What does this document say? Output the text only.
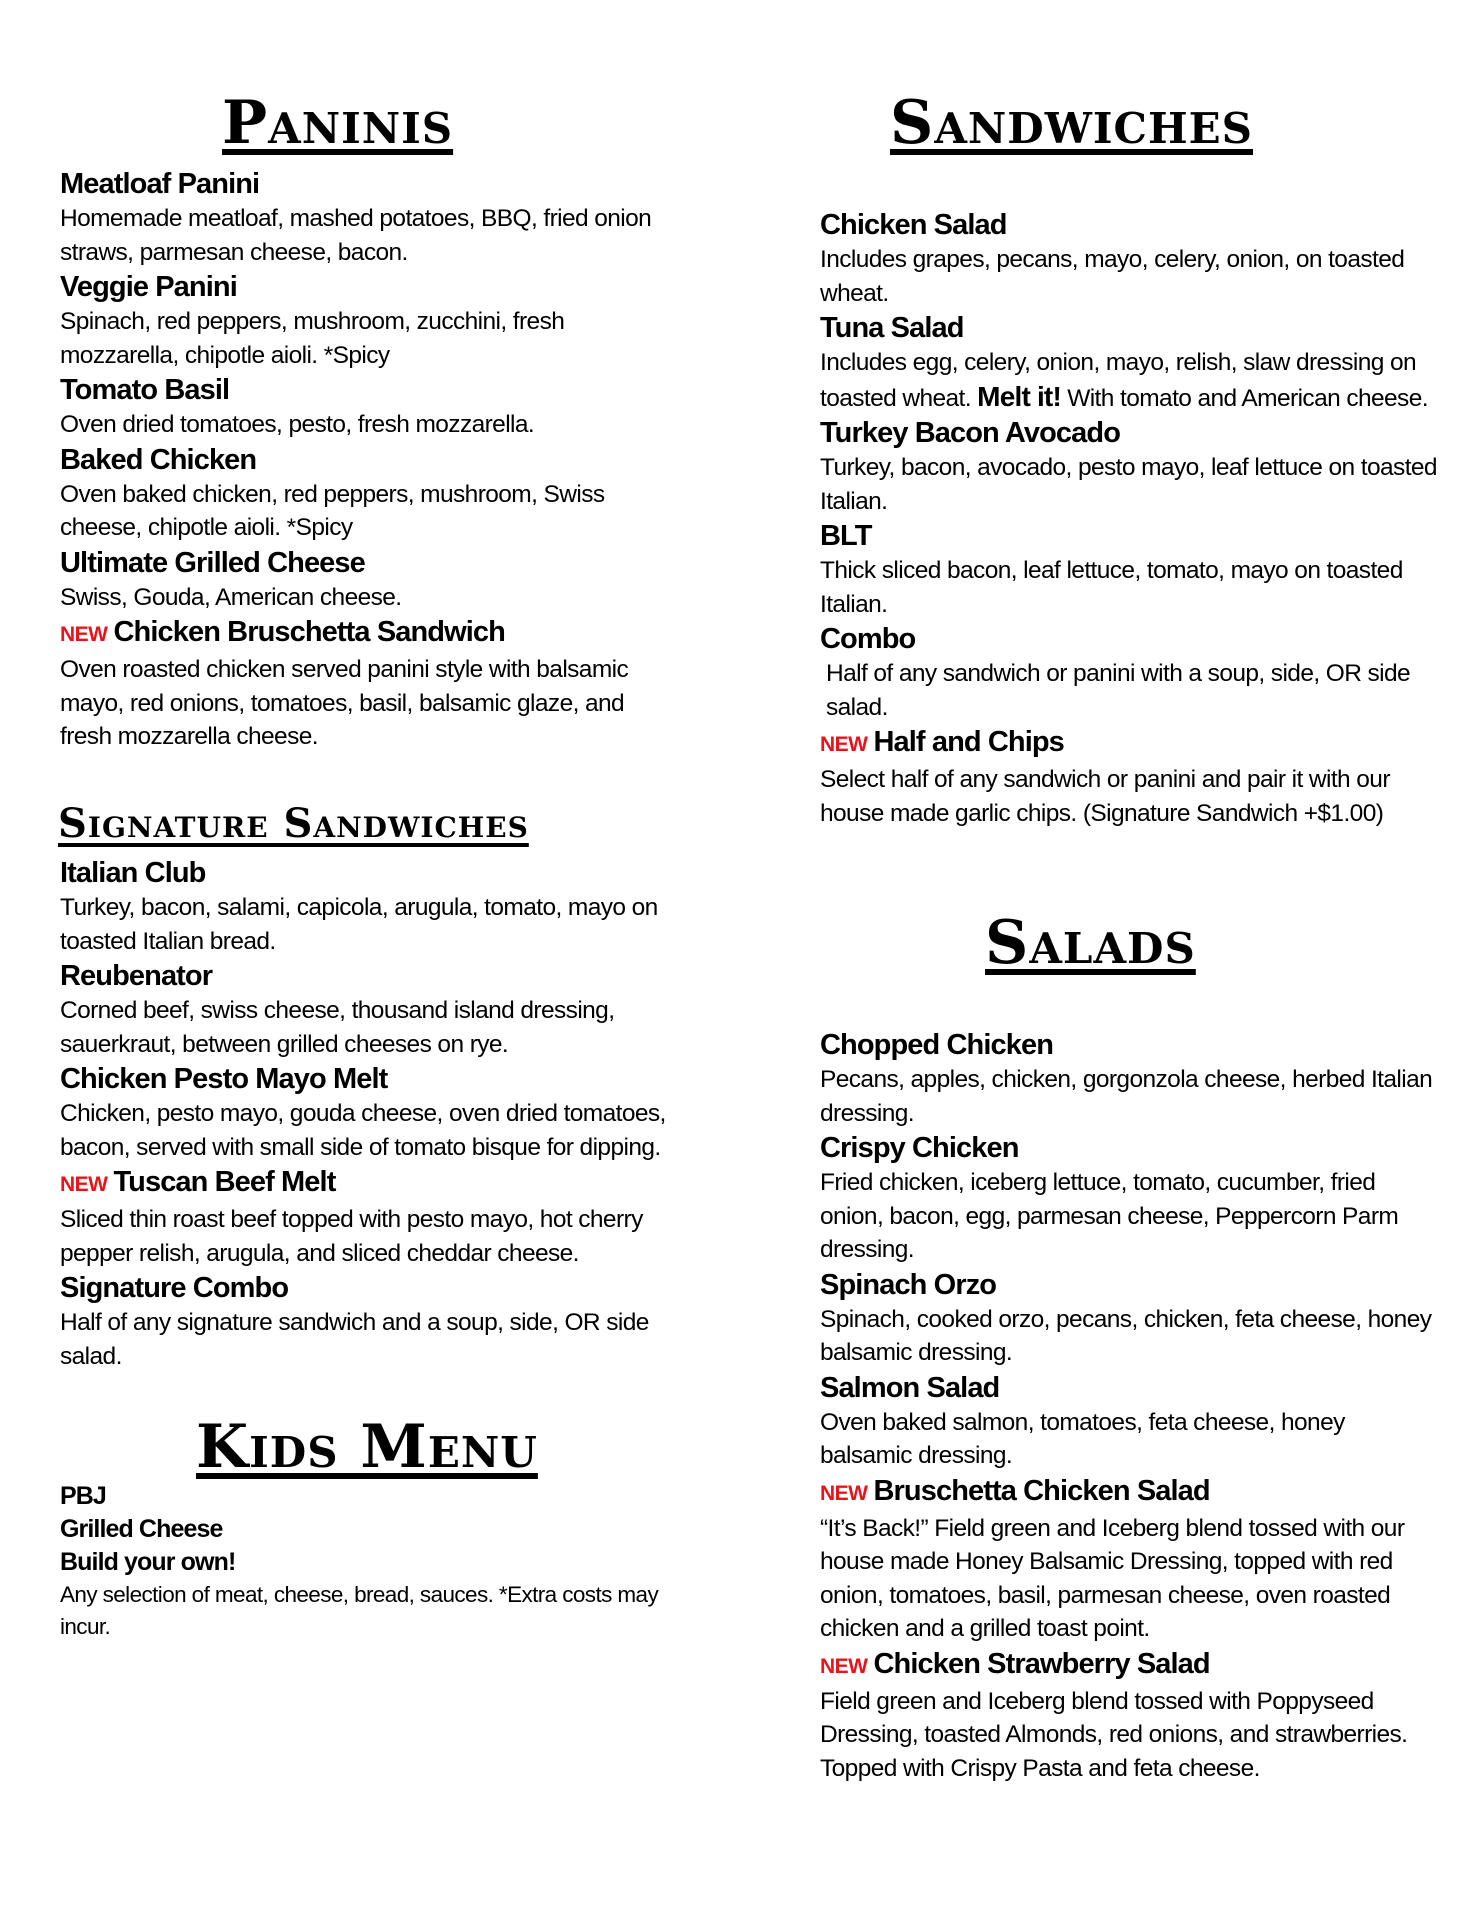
Paninis
Meatloaf Panini
Homemade meatloaf, mashed potatoes, BBQ, fried onion straws, parmesan cheese, bacon.
Veggie Panini
Spinach, red peppers, mushroom, zucchini, fresh mozzarella, chipotle aioli. *Spicy
Tomato Basil
Oven dried tomatoes, pesto, fresh mozzarella.
Baked Chicken
Oven baked chicken, red peppers, mushroom, Swiss cheese, chipotle aioli. *Spicy
Ultimate Grilled Cheese
Swiss, Gouda, American cheese.
NEW Chicken Bruschetta Sandwich
Oven roasted chicken served panini style with balsamic mayo, red onions, tomatoes, basil, balsamic glaze, and fresh mozzarella cheese.
Signature Sandwiches
Italian Club
Turkey, bacon, salami, capicola, arugula, tomato, mayo on toasted Italian bread.
Reubenator
Corned beef, swiss cheese, thousand island dressing, sauerkraut, between grilled cheeses on rye.
Chicken Pesto Mayo Melt
Chicken, pesto mayo, gouda cheese, oven dried tomatoes, bacon, served with small side of tomato bisque for dipping.
NEW Tuscan Beef Melt
Sliced thin roast beef topped with pesto mayo, hot cherry pepper relish, arugula, and sliced cheddar cheese.
Signature Combo
Half of any signature sandwich and a soup, side, OR side salad.
Kids Menu
PBJ
Grilled Cheese
Build your own!
Any selection of meat, cheese, bread, sauces. *Extra costs may incur.
Sandwiches
Chicken Salad
Includes grapes, pecans, mayo, celery, onion, on toasted wheat.
Tuna Salad
Includes egg, celery, onion, mayo, relish, slaw dressing on toasted wheat. Melt it! With tomato and American cheese.
Turkey Bacon Avocado
Turkey, bacon, avocado, pesto mayo, leaf lettuce on toasted Italian.
BLT
Thick sliced bacon, leaf lettuce, tomato, mayo on toasted Italian.
Combo
Half of any sandwich or panini with a soup, side, OR side salad.
NEW Half and Chips
Select half of any sandwich or panini and pair it with our house made garlic chips. (Signature Sandwich +$1.00)
Salads
Chopped Chicken
Pecans, apples, chicken, gorgonzola cheese, herbed Italian dressing.
Crispy Chicken
Fried chicken, iceberg lettuce, tomato, cucumber, fried onion, bacon, egg, parmesan cheese, Peppercorn Parm dressing.
Spinach Orzo
Spinach, cooked orzo, pecans, chicken, feta cheese, honey balsamic dressing.
Salmon Salad
Oven baked salmon, tomatoes, feta cheese, honey balsamic dressing.
NEW Bruschetta Chicken Salad
“It’s Back!” Field green and Iceberg blend tossed with our house made Honey Balsamic Dressing, topped with red onion, tomatoes, basil, parmesan cheese, oven roasted chicken and a grilled toast point.
NEW Chicken Strawberry Salad
Field green and Iceberg blend tossed with Poppyseed Dressing, toasted Almonds, red onions, and strawberries. Topped with Crispy Pasta and feta cheese.
